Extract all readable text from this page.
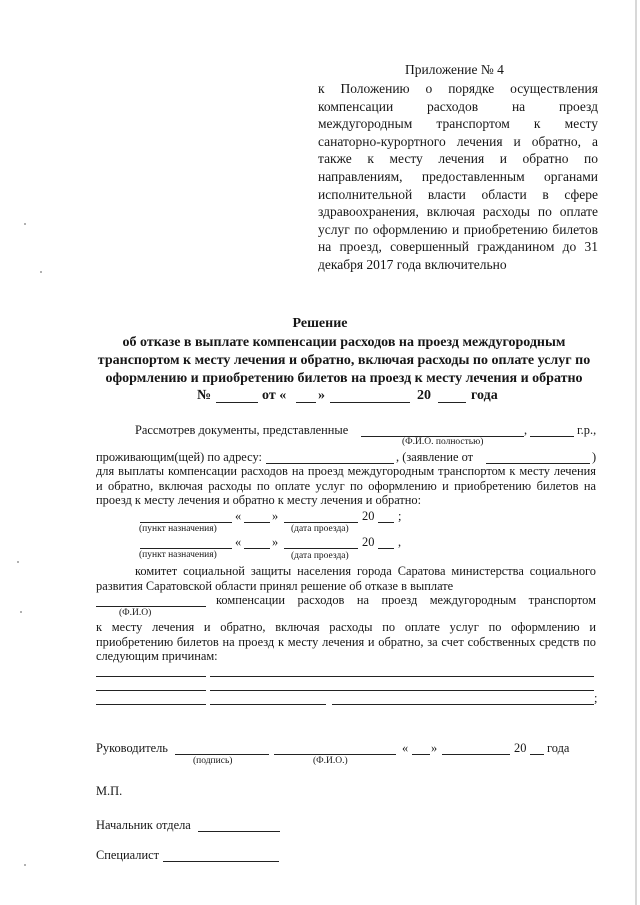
Приложение № 4
к Положению о порядке осуществления компенсации расходов на проезд междугородным транспортом к месту санаторно-курортного лечения и обратно, а также к месту лечения и обратно по направлениям, предоставленным органами исполнительной власти области в сфере здравоохранения, включая расходы по оплате услуг по оформлению и приобретению билетов на проезд, совершенный гражданином до 31 декабря 2017 года включительно
Решение
об отказе в выплате компенсации расходов на проезд междугородным транспортом к месту лечения и обратно, включая расходы по оплате услуг по оформлению и приобретению билетов на проезд к месту лечения и обратно
№	от « »	20	года
Рассмотрев документы, представленные	,	г.р.,
(Ф.И.О. полностью)
проживающим(щей) по адресу:	, (заявление от	)
для выплаты компенсации расходов на проезд междугородным транспортом к месту лечения и обратно, включая расходы по оплате услуг по оформлению и приобретению билетов на проезд к месту лечения и обратно к месту лечения и обратно:
« »	20 ;
(пункт назначения)	(дата проезда)
« »	20 ,
(пункт назначения)	(дата проезда)
комитет социальной защиты населения города Саратова министерства социального развития Саратовской области принял решение об отказе в выплате
компенсации расходов на проезд междугородным транспортом
(Ф.И.О)
к месту лечения и обратно, включая расходы по оплате услуг по оформлению и приобретению билетов на проезд к месту лечения и обратно, за счет собственных средств по следующим причинам:
;
Руководитель	« »	20 года
(подпись)	(Ф.И.О.)
М.П.
Начальник отдела
Специалист
